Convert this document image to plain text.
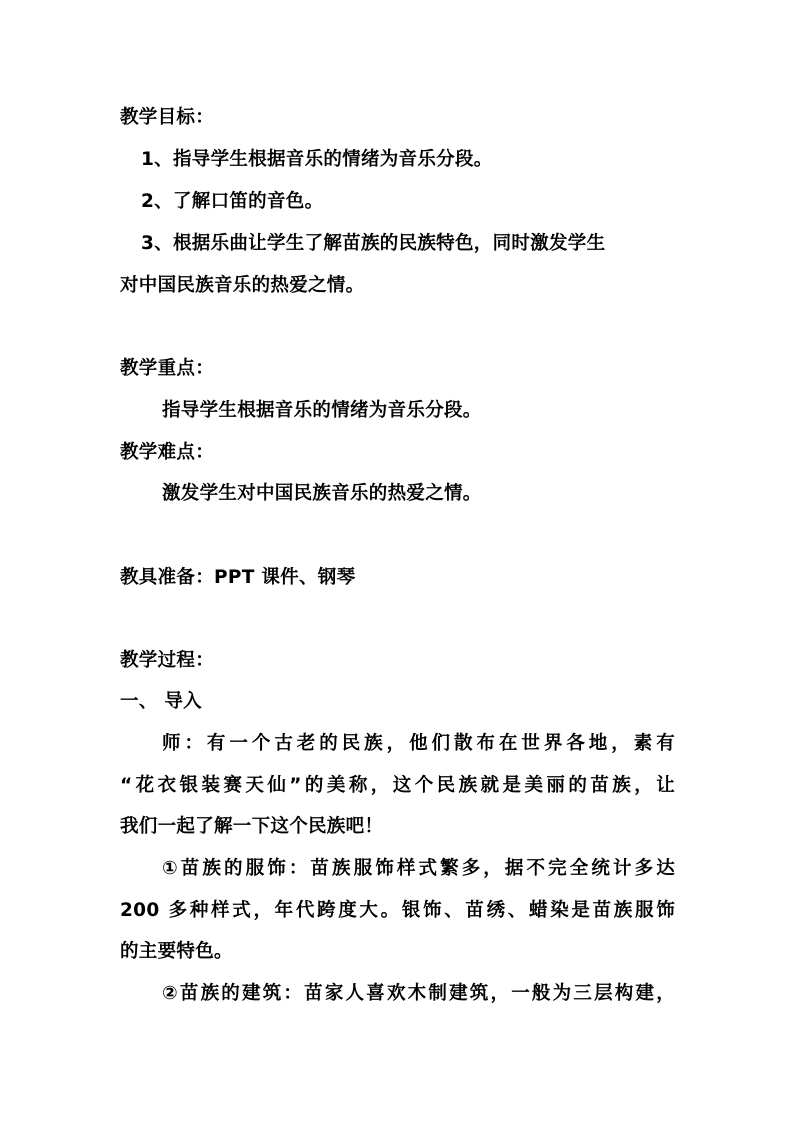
教学目标：
1、指导学生根据音乐的情绪为音乐分段。
2、了解口笛的音色。
3、根据乐曲让学生了解苗族的民族特色，同时激发学生
对中国民族音乐的热爱之情。
教学重点：
指导学生根据音乐的情绪为音乐分段。
教学难点：
激发学生对中国民族音乐的热爱之情。
教具准备：PPT 课件、钢琴
教学过程：
一、 导入
师：有一个古老的民族，他们散布在世界各地，素有
“花衣银装赛天仙”的美称，这个民族就是美丽的苗族，让
我们一起了解一下这个民族吧！
①苗族的服饰：苗族服饰样式繁多，据不完全统计多达
200 多种样式，年代跨度大。银饰、苗绣、蜡染是苗族服饰
的主要特色。
②苗族的建筑：苗家人喜欢木制建筑，一般为三层构建，
